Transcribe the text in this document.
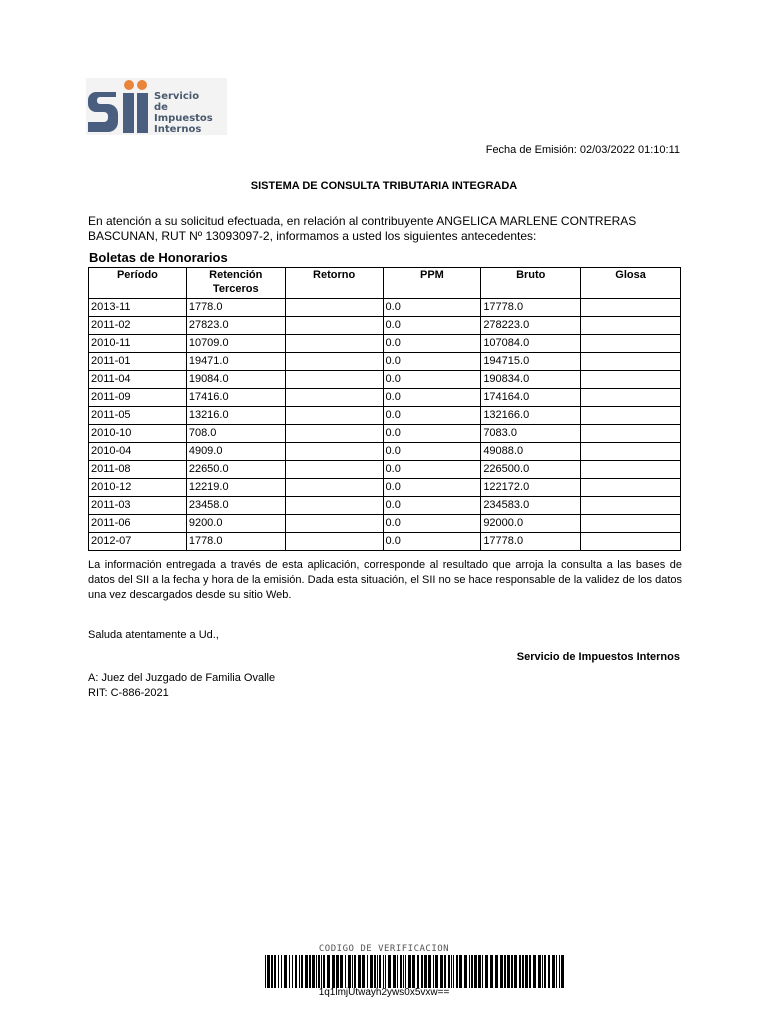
Servicio
de Impuestos
Internos
Fecha de Emisión: 02/03/2022 01:10:11
SISTEMA DE CONSULTA TRIBUTARIA INTEGRADA
En atención a su solicitud efectuada, en relación al contribuyente ANGELICA MARLENE CONTRERAS BASCUNAN, RUT Nº 13093097-2, informamos a usted los siguientes antecedentes:
Boletas de Honorarios
Período	Retención Terceros	Retorno	PPM	Bruto	Glosa
2013-11	1778.0		0.0	17778.0	
2011-02	27823.0		0.0	278223.0	
2010-11	10709.0		0.0	107084.0	
2011-01	19471.0		0.0	194715.0	
2011-04	19084.0		0.0	190834.0	
2011-09	17416.0		0.0	174164.0	
2011-05	13216.0		0.0	132166.0	
2010-10	708.0		0.0	7083.0	
2010-04	4909.0		0.0	49088.0	
2011-08	22650.0		0.0	226500.0	
2010-12	12219.0		0.0	122172.0	
2011-03	23458.0		0.0	234583.0	
2011-06	9200.0		0.0	92000.0	
2012-07	1778.0		0.0	17778.0	
La información entregada a través de esta aplicación, corresponde al resultado que arroja la consulta a las bases de datos del SII a la fecha y hora de la emisión. Dada esta situación, el SII no se hace responsable de la validez de los datos una vez descargados desde su sitio Web.
Saluda atentamente a Ud.,
Servicio de Impuestos Internos
A: Juez del Juzgado de Familia Ovalle
RIT: C-886-2021
CODIGO DE VERIFICACION
1q1lmjUtwayh2yws0x5vxw==
